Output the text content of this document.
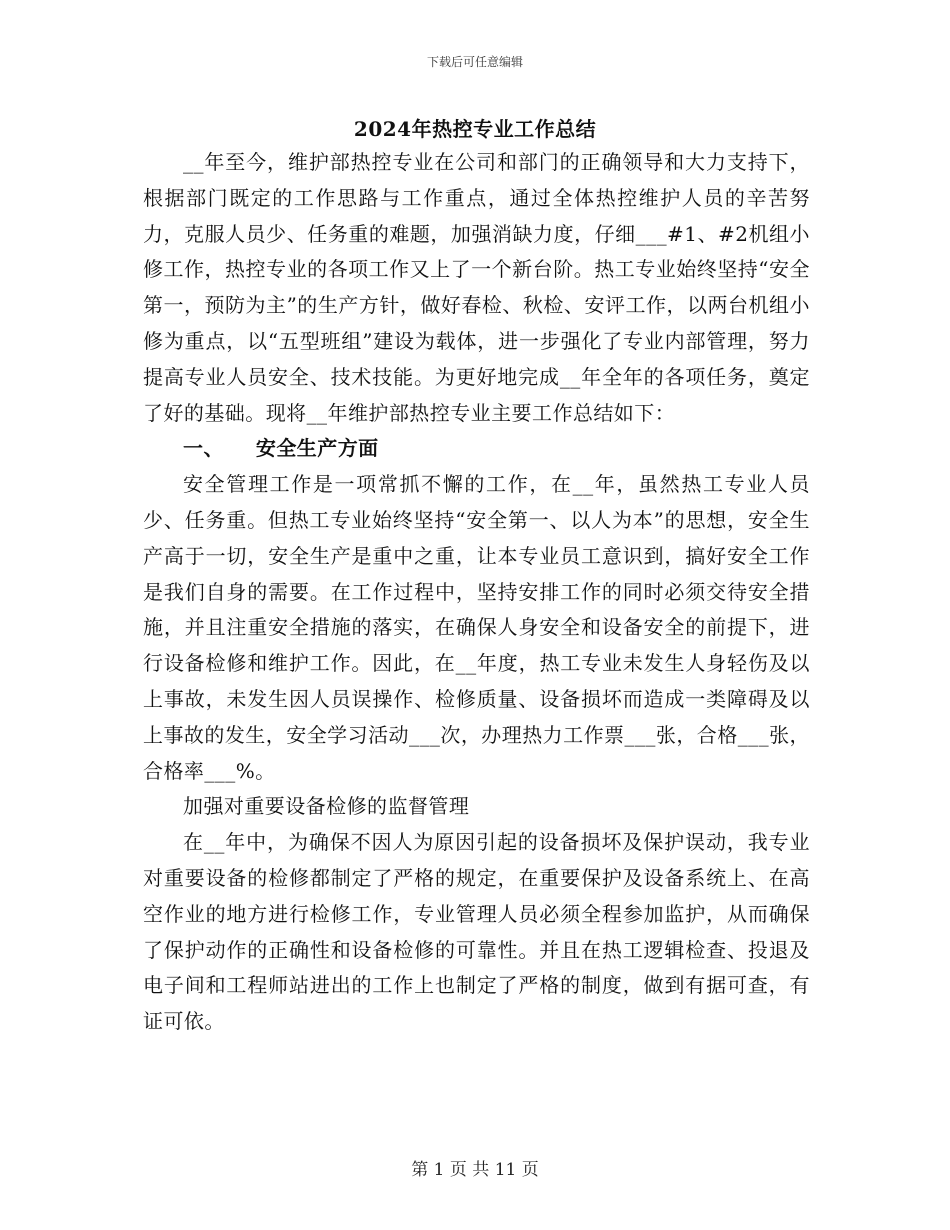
下载后可任意编辑
2024年热控专业工作总结

__年至今，维护部热控专业在公司和部门的正确领导和大力支持下，根据部门既定的工作思路与工作重点，通过全体热控维护人员的辛苦努力，克服人员少、任务重的难题，加强消缺力度，仔细___#1、#2机组小修工作，热控专业的各项工作又上了一个新台阶。热工专业始终坚持“安全第一，预防为主”的生产方针，做好春检、秋检、安评工作，以两台机组小修为重点，以“五型班组”建设为载体，进一步强化了专业内部管理，努力提高专业人员安全、技术技能。为更好地完成__年全年的各项任务，奠定了好的基础。现将__年维护部热控专业主要工作总结如下：

一、 安全生产方面

安全管理工作是一项常抓不懈的工作，在__年，虽然热工专业人员少、任务重。但热工专业始终坚持“安全第一、以人为本”的思想，安全生产高于一切，安全生产是重中之重，让本专业员工意识到，搞好安全工作是我们自身的需要。在工作过程中，坚持安排工作的同时必须交待安全措施，并且注重安全措施的落实，在确保人身安全和设备安全的前提下，进行设备检修和维护工作。因此，在__年度，热工专业未发生人身轻伤及以上事故，未发生因人员误操作、检修质量、设备损坏而造成一类障碍及以上事故的发生，安全学习活动___次，办理热力工作票___张，合格___张，合格率___%。

加强对重要设备检修的监督管理

在__年中，为确保不因人为原因引起的设备损坏及保护误动，我专业对重要设备的检修都制定了严格的规定，在重要保护及设备系统上、在高空作业的地方进行检修工作，专业管理人员必须全程参加监护，从而确保了保护动作的正确性和设备检修的可靠性。并且在热工逻辑检查、投退及电子间和工程师站进出的工作上也制定了严格的制度，做到有据可查，有证可依。

第 1 页 共 11 页
